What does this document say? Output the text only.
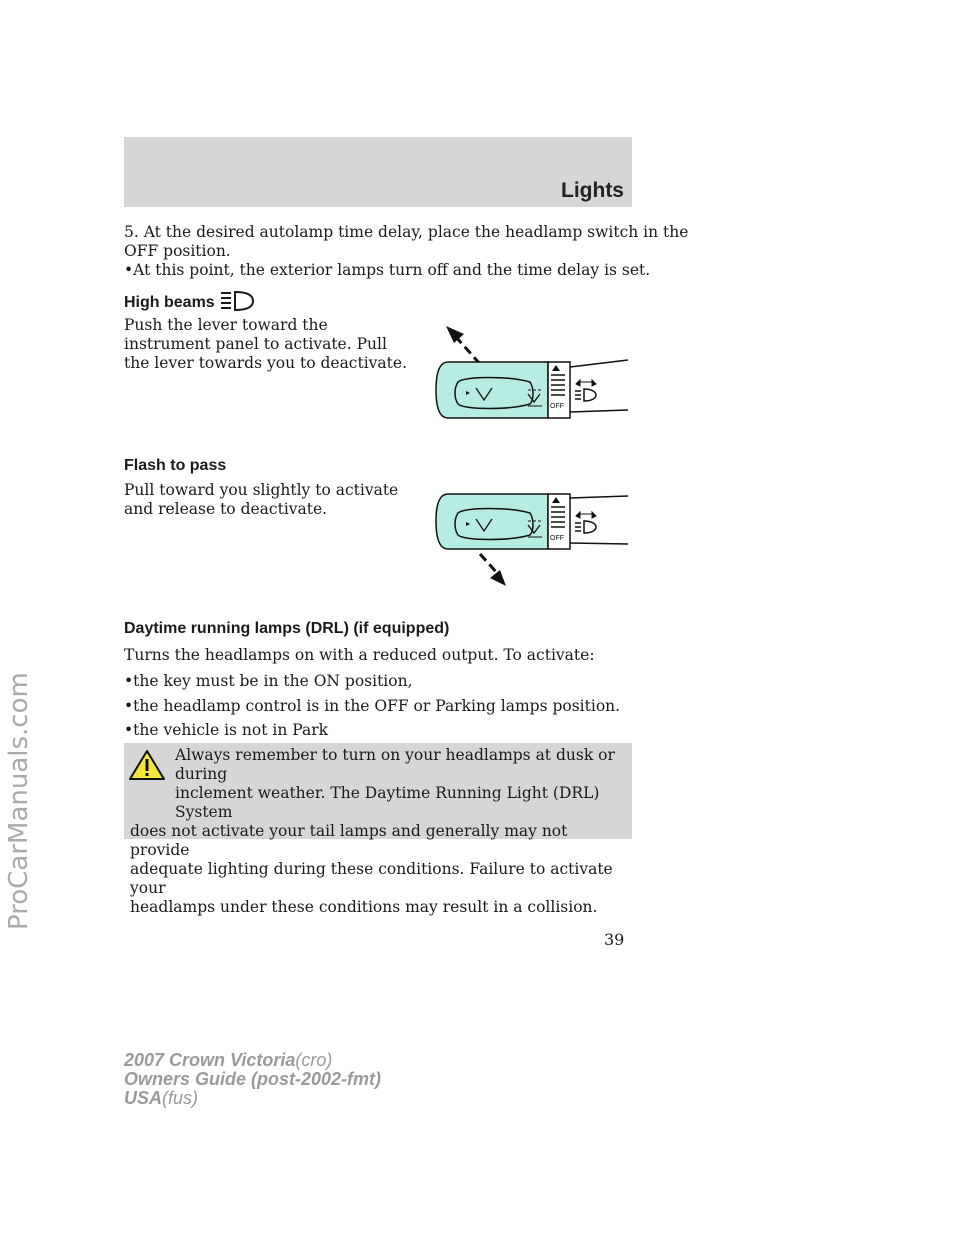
Lights
ProCarManuals.com
5. At the desired autolamp time delay, place the headlamp switch in the
OFF position.
•At this point, the exterior lamps turn off and the time delay is set.
High beams
Push the lever toward the
instrument panel to activate. Pull
the lever towards you to deactivate.
OFF
Flash to pass
Pull toward you slightly to activate
and release to deactivate.
OFF
Daytime running lamps (DRL) (if equipped)
Turns the headlamps on with a reduced output. To activate:
•the key must be in the ON position,
•the headlamp control is in the OFF or Parking lamps position.
•the vehicle is not in Park
Always remember to turn on your headlamps at dusk or during
inclement weather. The Daytime Running Light (DRL) System
does not activate your tail lamps and generally may not provide
adequate lighting during these conditions. Failure to activate your
headlamps under these conditions may result in a collision.
39
2007 Crown Victoria(cro)
Owners Guide (post-2002-fmt)
USA(fus)
